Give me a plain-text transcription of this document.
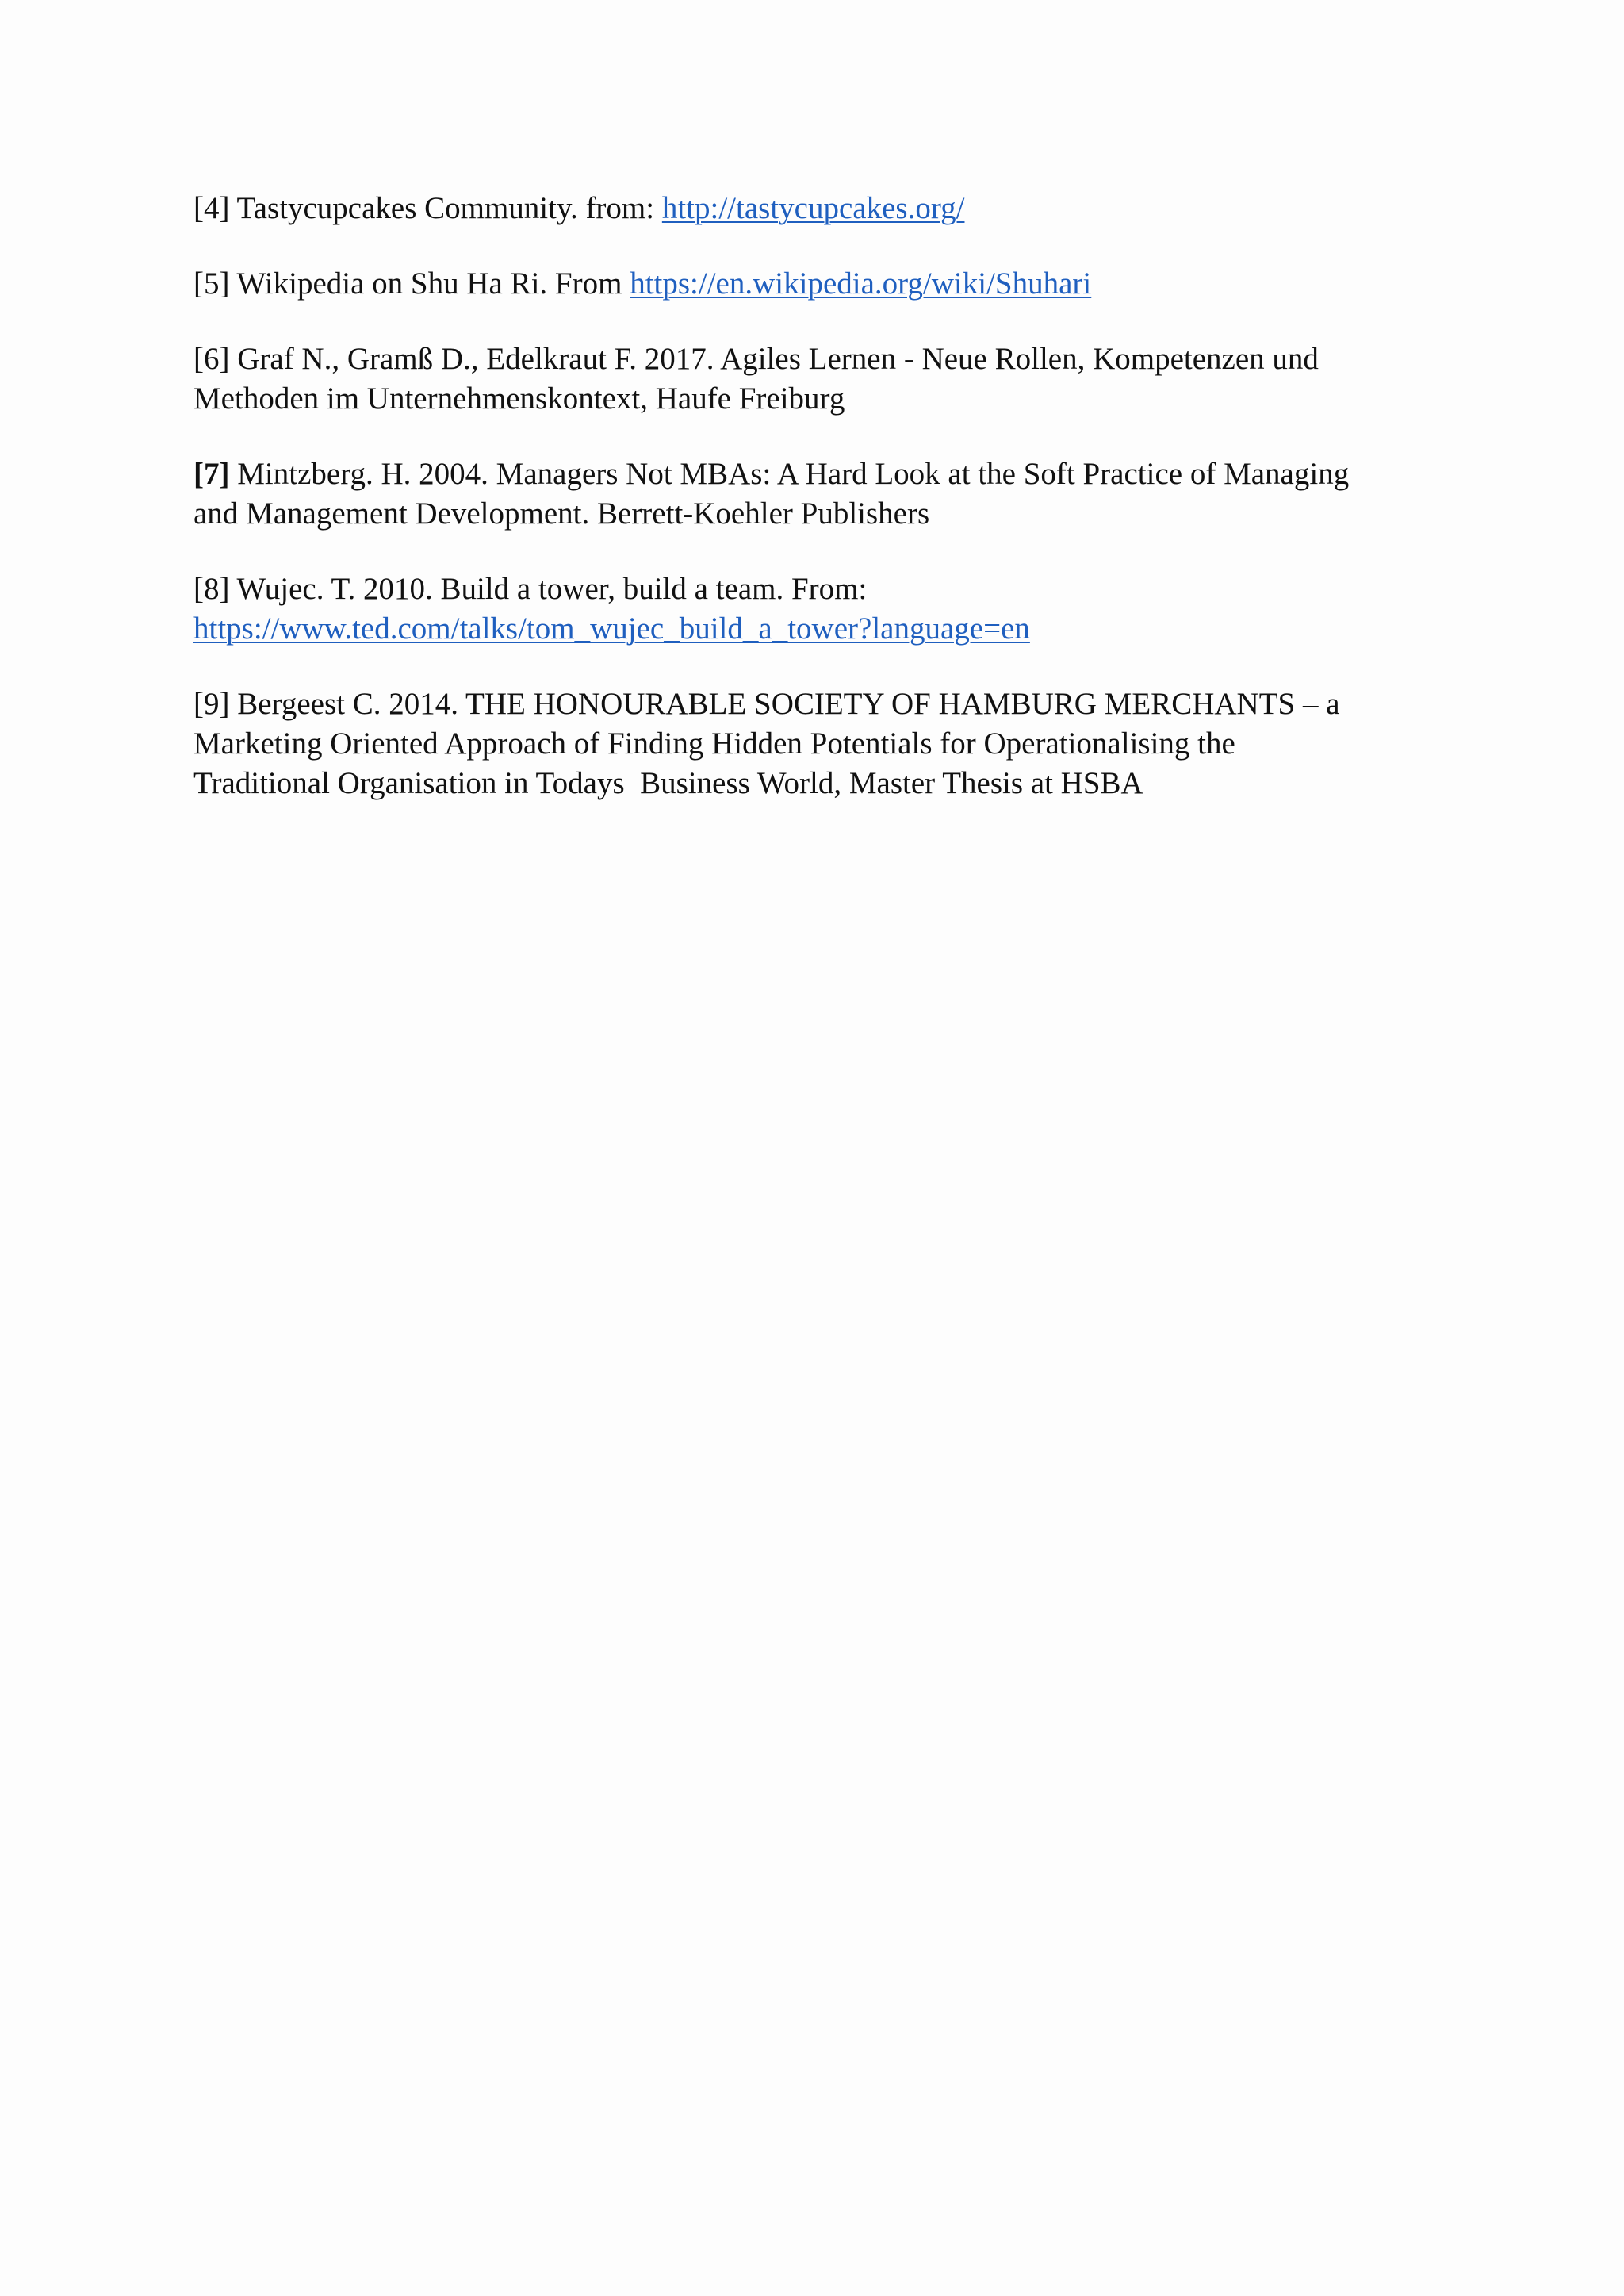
[4] Tastycupcakes Community. from: http://tastycupcakes.org/

[5] Wikipedia on Shu Ha Ri. From https://en.wikipedia.org/wiki/Shuhari

[6] Graf N., Gramß D., Edelkraut F. 2017. Agiles Lernen - Neue Rollen, Kompetenzen und
Methoden im Unternehmenskontext, Haufe Freiburg

[7] Mintzberg. H. 2004. Managers Not MBAs: A Hard Look at the Soft Practice of Managing
and Management Development. Berrett-Koehler Publishers

[8] Wujec. T. 2010. Build a tower, build a team. From:
https://www.ted.com/talks/tom_wujec_build_a_tower?language=en

[9] Bergeest C. 2014. THE HONOURABLE SOCIETY OF HAMBURG MERCHANTS – a
Marketing Oriented Approach of Finding Hidden Potentials for Operationalising the
Traditional Organisation in Todays  Business World, Master Thesis at HSBA
